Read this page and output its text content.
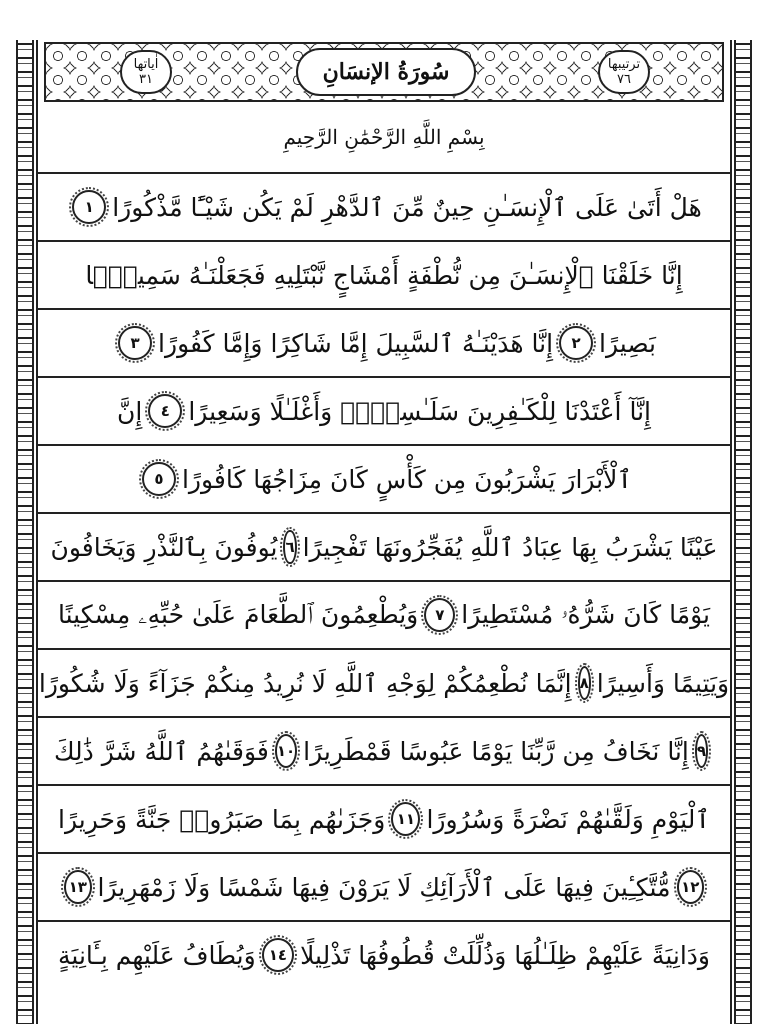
اٰياتها
٣١	سُورَةُ الإنسَانِ	ترتيبها
٧٦
بِسْمِ اللَّهِ الرَّحْمَٰنِ الرَّحِيمِ
هَلْ أَتَىٰ عَلَى ٱلْإِنسَـٰنِ حِينٌ مِّنَ ٱلدَّهْرِ لَمْ يَكُن شَيْـًٔا مَّذْكُورًا
١
إِنَّا خَلَقْنَا ٱلْإِنسَـٰنَ مِن نُّطْفَةٍ أَمْشَاجٍ نَّبْتَلِيهِ فَجَعَلْنَـٰهُ سَمِيعًۢا
بَصِيرًا
٢
إِنَّا هَدَيْنَـٰهُ ٱلسَّبِيلَ إِمَّا شَاكِرًا وَإِمَّا كَفُورًا
٣
إِنَّآ أَعْتَدْنَا لِلْكَـٰفِرِينَ سَلَـٰسِلَا۟ وَأَغْلَـٰلًا وَسَعِيرًا
٤
إِنَّ
ٱلْأَبْرَارَ يَشْرَبُونَ مِن كَأْسٍ كَانَ مِزَاجُهَا كَافُورًا
٥
عَيْنًا يَشْرَبُ بِهَا عِبَادُ ٱللَّهِ يُفَجِّرُونَهَا تَفْجِيرًا
٦
يُوفُونَ بِٱلنَّذْرِ وَيَخَافُونَ
يَوْمًا كَانَ شَرُّهُۥ مُسْتَطِيرًا
٧
وَيُطْعِمُونَ ٱلطَّعَامَ عَلَىٰ حُبِّهِۦ مِسْكِينًا
وَيَتِيمًا وَأَسِيرًا
٨
إِنَّمَا نُطْعِمُكُمْ لِوَجْهِ ٱللَّهِ لَا نُرِيدُ مِنكُمْ جَزَآءً وَلَا شُكُورًا
٩
إِنَّا نَخَافُ مِن رَّبِّنَا يَوْمًا عَبُوسًا قَمْطَرِيرًا
١٠
فَوَقَىٰهُمُ ٱللَّهُ شَرَّ ذَٰلِكَ
ٱلْيَوْمِ وَلَقَّىٰهُمْ نَضْرَةً وَسُرُورًا
١١
وَجَزَىٰهُم بِمَا صَبَرُوا۟ جَنَّةً وَحَرِيرًا
١٢
مُّتَّكِـِٔينَ فِيهَا عَلَى ٱلْأَرَآئِكِ لَا يَرَوْنَ فِيهَا شَمْسًا وَلَا زَمْهَرِيرًا
١٣
وَدَانِيَةً عَلَيْهِمْ ظِلَـٰلُهَا وَذُلِّلَتْ قُطُوفُهَا تَذْلِيلًا
١٤
وَيُطَافُ عَلَيْهِم بِـَٔانِيَةٍ
